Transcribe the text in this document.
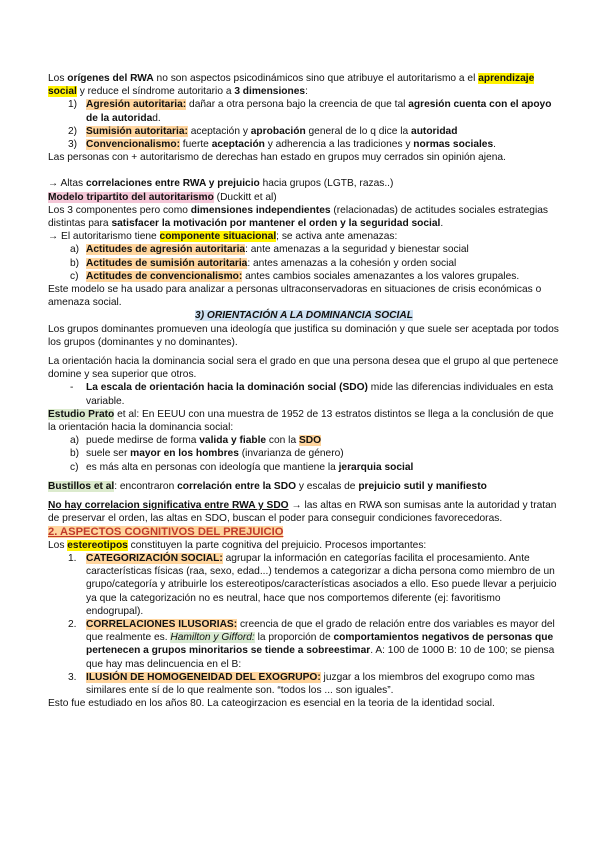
Los orígenes del RWA no son aspectos psicodinámicos sino que atribuye el autoritarismo a el aprendizaje social y reduce el síndrome autoritario a 3 dimensiones:

1) Agresión autoritaria: dañar a otra persona bajo la creencia de que tal agresión cuenta con el apoyo de la autoridad.
2) Sumisión autoritaria: aceptación y aprobación general de lo q dice la autoridad
3) Convencionalismo: fuerte aceptación y adherencia a las tradiciones y normas sociales.

Las personas con + autoritarismo de derechas han estado en grupos muy cerrados sin opinión ajena.

→ Altas correlaciones entre RWA y prejuicio hacia grupos (LGTB, razas..)

Modelo tripartito del autoritarismo (Duckitt et al)

Los 3 componentes pero como dimensiones independientes (relacionadas) de actitudes sociales estrategias distintas para satisfacer la motivación por mantener el orden y la seguridad social.

→ El autoritarismo tiene componente situacional; se activa ante amenazas:

a) Actitudes de agresión autoritaria: ante amenazas a la seguridad y bienestar social
b) Actitudes de sumisión autoritaria: antes amenazas a la cohesión y orden social
c) Actitudes de convencionalismo: antes cambios sociales amenazantes a los valores grupales.

Este modelo se ha usado para analizar a personas ultraconservadoras en situaciones de crisis económicas o amenaza social.

3) ORIENTACIÓN A LA DOMINANCIA SOCIAL

Los grupos dominantes promueven una ideología que justifica su dominación y que suele ser aceptada por todos los grupos (dominantes y no dominantes).

La orientación hacia la dominancia social sera el grado en que una persona desea que el grupo al que pertenece domine y sea superior que otros.

- La escala de orientación hacia la dominación social (SDO) mide las diferencias individuales en esta variable.

Estudio Prato et al: En EEUU con una muestra de 1952 de 13 estratos distintos se llega a la conclusión de que la orientación hacia la dominancia social:

a) puede medirse de forma valida y fiable con la SDO
b) suele ser mayor en los hombres (invarianza de género)
c) es más alta en personas con ideología que mantiene la jerarquia social

Bustillos et al: encontraron correlación entre la SDO y escalas de prejuicio sutil y manifiesto

No hay correlacion significativa entre RWA y SDO → las altas en RWA son sumisas ante la autoridad y tratan de preservar el orden, las altas en SDO, buscan el poder para conseguir condiciones favorecedoras.

2. ASPECTOS COGNITIVOS DEL PREJUICIO

Los estereotipos constituyen la parte cognitiva del prejuicio. Procesos importantes:

1. CATEGORIZACIÓN SOCIAL: agrupar la información en categorías facilita el procesamiento. Ante características físicas (raa, sexo, edad...) tendemos a categorizar a dicha persona como miembro de un grupo/categoría y atribuirle los estereotipos/características asociados a ello. Eso puede llevar a perjuicio ya que la categorización no es neutral, hace que nos comportemos diferente (ej: favoritismo endogrupal).
2. CORRELACIONES ILUSORIAS: creencia de que el grado de relación entre dos variables es mayor del que realmente es. Hamilton y Gifford: la proporción de comportamientos negativos de personas que pertenecen a grupos minoritarios se tiende a sobreestimar. A: 100 de 1000 B: 10 de 100; se piensa que hay mas delincuencia en el B:
3. ILUSIÓN DE HOMOGENEIDAD DEL EXOGRUPO: juzgar a los miembros del exogrupo como mas similares ente sí de lo que realmente son. “todos los ... son iguales”.

Esto fue estudiado en los años 80. La cateogirzacion es esencial en la teoria de la identidad social.
